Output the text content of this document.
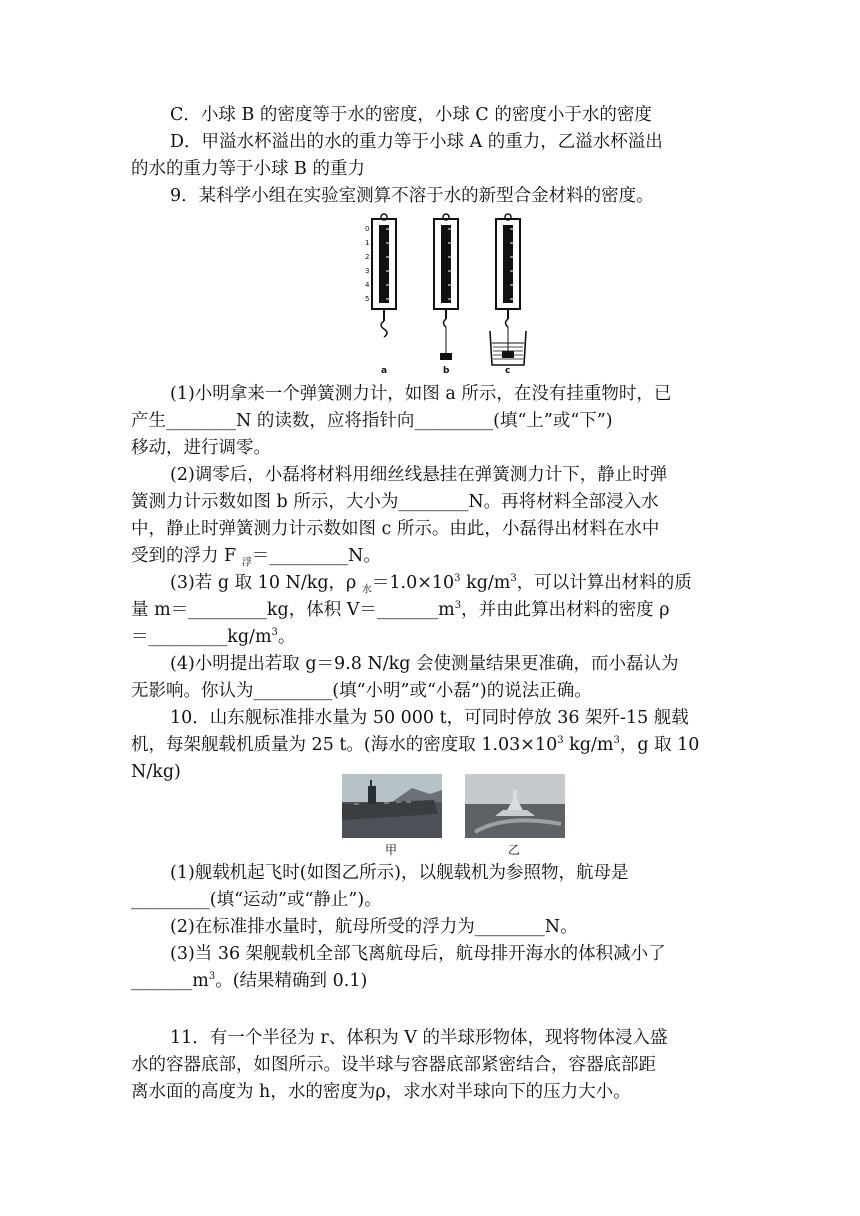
C．小球 B 的密度等于水的密度，小球 C 的密度小于水的密度
D．甲溢水杯溢出的水的重力等于小球 A 的重力，乙溢水杯溢出
的水的重力等于小球 B 的重力
9．某科学小组在实验室测算不溶于水的新型合金材料的密度。
0
1
2
3
4
5
a	b	c
(1)小明拿来一个弹簧测力计，如图 a 所示，在没有挂重物时，已
产生________N 的读数，应将指针向_________(填“上”或“下”)
移动，进行调零。
(2)调零后，小磊将材料用细丝线悬挂在弹簧测力计下，静止时弹
簧测力计示数如图 b 所示，大小为________N。再将材料全部浸入水
中，静止时弹簧测力计示数如图 c 所示。由此，小磊得出材料在水中
受到的浮力 F $_浮$＝_________N。
(3)若 g 取 10 N/kg，ρ $_水=1.0\times 10^3$ $kg/m^3$，可以计算出材料的质
量 m＝_________kg，体积 $V=\_\_\_\_\_\_\_m^3$，并由此算出材料的密度 ρ
$=\_\_\_\_\_\_\_\_\_kg/m^3$。
(4)小明提出若取 g＝9.8 N/kg 会使测量结果更准确，而小磊认为
无影响。你认为_________(填“小明”或“小磊”)的说法正确。
10．山东舰标准排水量为 50 000 t，可同时停放 36 架歼-15 舰载
机，每架舰载机质量为 25 t。(海水的密度取 $1.03\times 10^3$ $kg/m^3$，g 取 10
N/kg)
甲	乙
(1)舰载机起飞时(如图乙所示)，以舰载机为参照物，航母是
_________(填“运动”或“静止”)。
(2)在标准排水量时，航母所受的浮力为________N。
(3)当 36 架舰载机全部飞离航母后，航母排开海水的体积减小了
$\_\_\_\_\_\_\_m^3$。(结果精确到 0.1)
11．有一个半径为 r、体积为 V 的半球形物体，现将物体浸入盛
水的容器底部，如图所示。设半球与容器底部紧密结合，容器底部距
离水面的高度为 h，水的密度为ρ，求水对半球向下的压力大小。
